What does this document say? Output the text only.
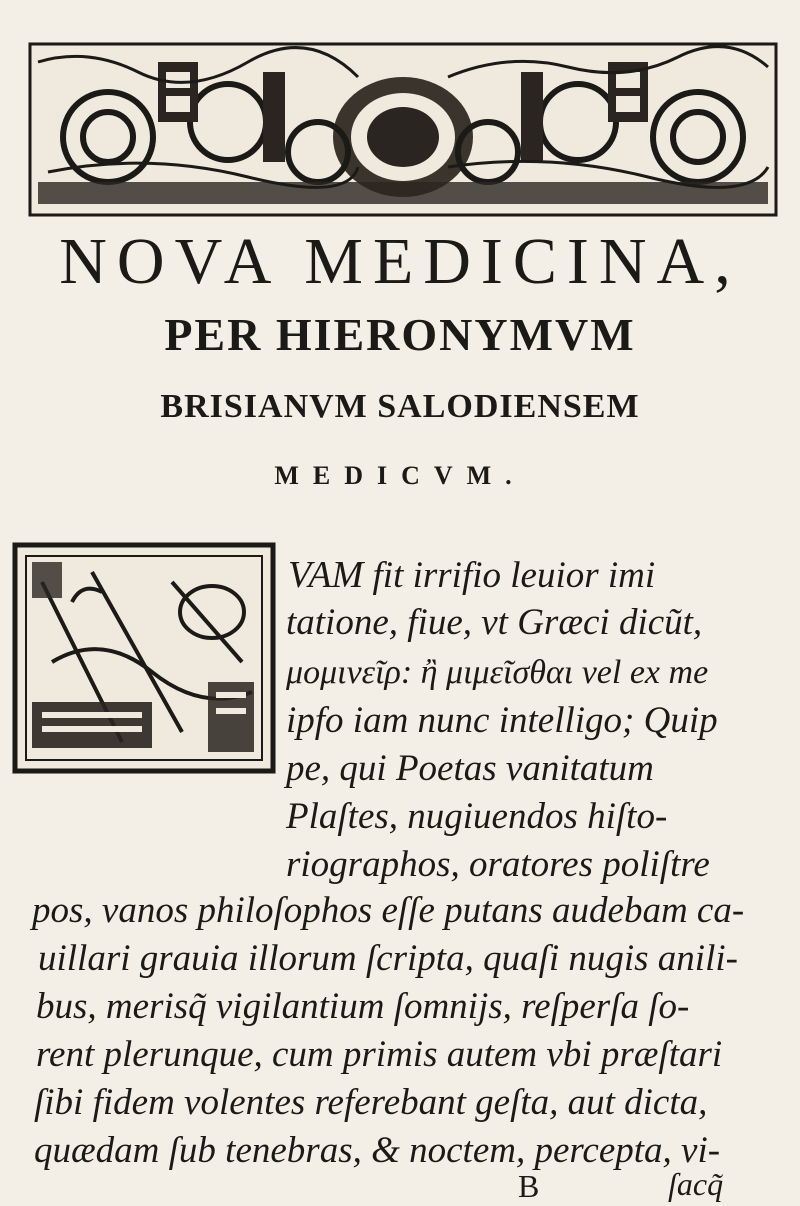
NOVA MEDICINA,
PER HIERONYMVM
BRISIANVM SALODIENSEM
MEDICVM.

VAM fit irrifio leuior imi

tatione, fiue, vt Græci dicũt,

μομινεῖρ: ἢ μιμεῖσθαι vel ex me

ipfo iam nunc intelligo; Quip

pe, qui Poetas vanitatum

Plaſtes, nugiuendos hiſto-

riographos, oratores poliſtre

pos, vanos philoſophos eſſe putans audebam ca-

uillari grauia illorum ſcripta, quaſi nugis anili-

bus, merisq̃ vigilantium ſomnijs, reſperſa ſo-

rent plerunque, cum primis autem vbi præſtari

ſibi fidem volentes referebant geſta, aut dicta,

quædam ſub tenebras, & noctem, percepta, vi-

B	ſacq̃
